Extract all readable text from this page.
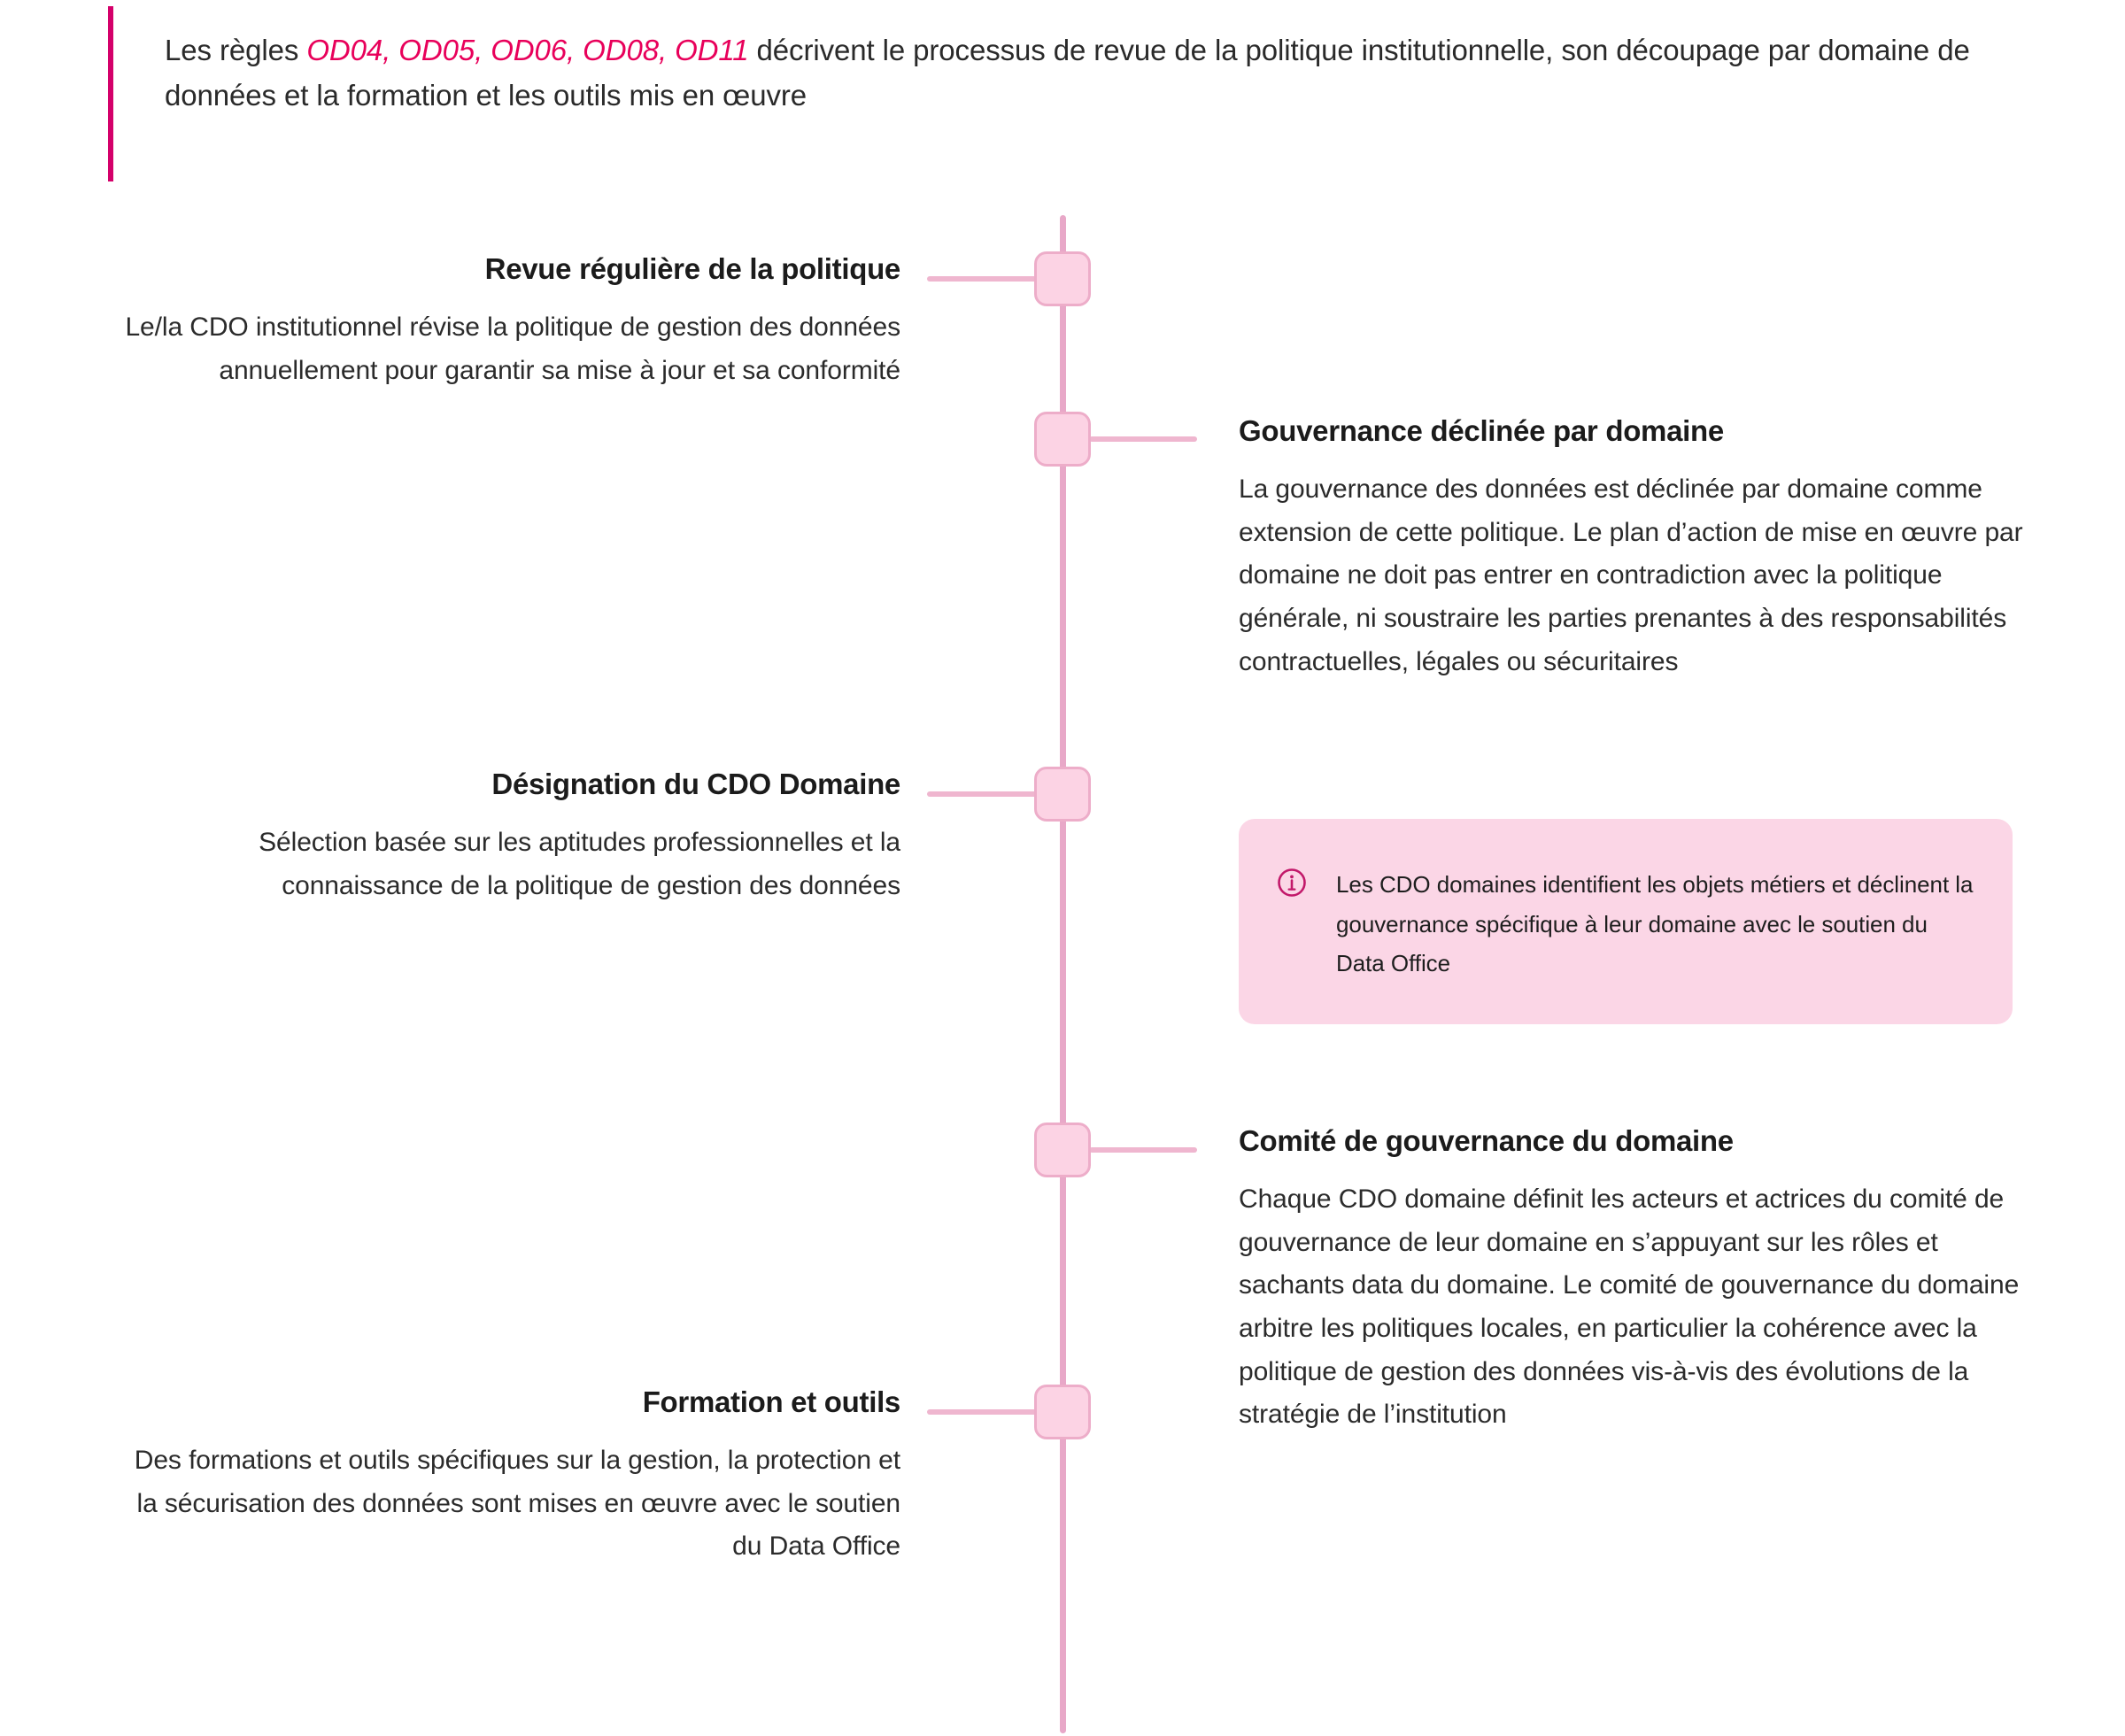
Les règles OD04, OD05, OD06, OD08, OD11 décrivent le processus de revue de la politique institutionnelle, son découpage par domaine de données et la formation et les outils mis en œuvre

Revue régulière de la politique
Le/la CDO institutionnel révise la politique de gestion des données annuellement pour garantir sa mise à jour et sa conformité
Désignation du CDO Domaine
Sélection basée sur les aptitudes professionnelles et la connaissance de la politique de gestion des données
Formation et outils
Des formations et outils spécifiques sur la gestion, la protection et la sécurisation des données sont mises en œuvre avec le soutien du Data Office
Gouvernance déclinée par domaine
La gouvernance des données est déclinée par domaine comme extension de cette politique. Le plan d’action de mise en œuvre par domaine ne doit pas entrer en contradiction avec la politique générale, ni soustraire les parties prenantes à des responsabilités contractuelles, légales ou sécuritaires
Comité de gouvernance du domaine
Chaque CDO domaine définit les acteurs et actrices du comité de gouvernance de leur domaine en s’appuyant sur les rôles et sachants data du domaine. Le comité de gouvernance du domaine arbitre les politiques locales, en particulier la cohérence avec la politique de gestion des données vis-à-vis des évolutions de la stratégie de l’institution
Les CDO domaines identifient les objets métiers et déclinent la gouvernance spécifique à leur domaine avec le soutien du Data Office
